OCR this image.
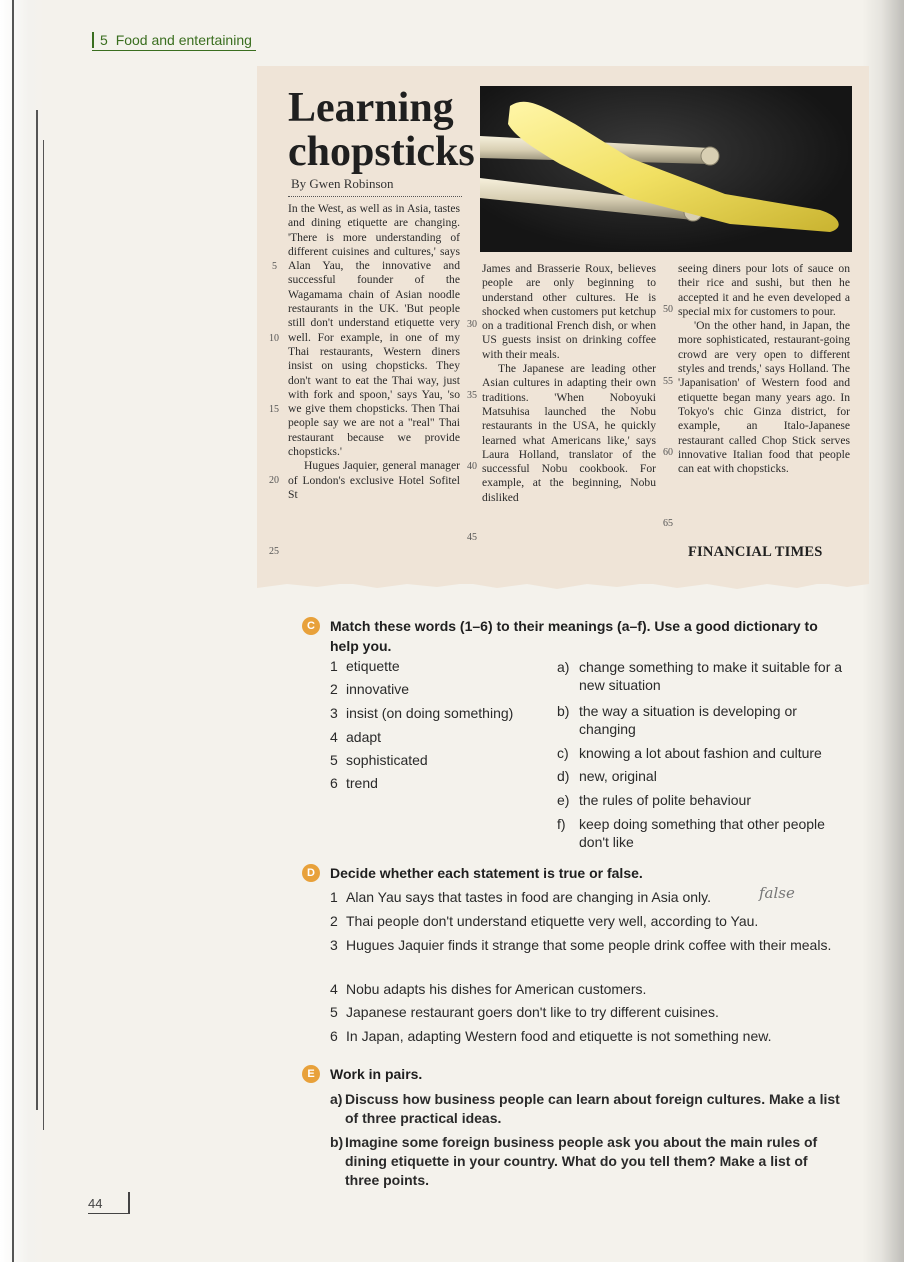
5 Food and entertaining
Learning
chopsticks
By Gwen Robinson

In the West, as well as in Asia, tastes and dining etiquette are changing. 'There is more understanding of different cuisines and cultures,' says Alan Yau, the innovative and successful founder of the Wagamama chain of Asian noodle restaurants in the UK. 'But people still don't understand etiquette very well. For example, in one of my Thai restaurants, Western diners insist on using chopsticks. They don't want to eat the Thai way, just with fork and spoon,' says Yau, 'so we give them chopsticks. Then Thai people say we are not a "real" Thai restaurant because we provide chopsticks.'

Hugues Jaquier, general manager of London's exclusive Hotel Sofitel St

James and Brasserie Roux, believes people are only beginning to understand other cultures. He is shocked when customers put ketchup on a traditional French dish, or when US guests insist on drinking coffee with their meals.

The Japanese are leading other Asian cultures in adapting their own traditions. 'When Noboyuki Matsuhisa launched the Nobu restaurants in the USA, he quickly learned what Americans like,' says Laura Holland, translator of the successful Nobu cookbook. For example, at the beginning, Nobu disliked

seeing diners pour lots of sauce on their rice and sushi, but then he accepted it and he even developed a special mix for customers to pour.

'On the other hand, in Japan, the more sophisticated, restaurant-going crowd are very open to different styles and trends,' says Holland. The 'Japanisation' of Western food and etiquette began many years ago. In Tokyo's chic Ginza district, for example, an Italo-Japanese restaurant called Chop Stick serves innovative Italian food that people can eat with chopsticks.

5
10
15
20
25
30
35
40
45
50
55
60
65
FINANCIAL TIMES
C	Match these words (1–6) to their meanings (a–f). Use a good dictionary to help you.
1 etiquette
2 innovative
3 insist (on doing something)
4 adapt
5 sophisticated
6 trend
a) change something to make it suitable for a new situation
b) the way a situation is developing or changing
c) knowing a lot about fashion and culture
d) new, original
e) the rules of polite behaviour
f) keep doing something that other people don't like
D	Decide whether each statement is true or false.
1 Alan Yau says that tastes in food are changing in Asia only.	false
2 Thai people don't understand etiquette very well, according to Yau.
3 Hugues Jaquier finds it strange that some people drink coffee with their meals.
4 Nobu adapts his dishes for American customers.
5 Japanese restaurant goers don't like to try different cuisines.
6 In Japan, adapting Western food and etiquette is not something new.
E	Work in pairs.
a) Discuss how business people can learn about foreign cultures. Make a list of three practical ideas.
b) Imagine some foreign business people ask you about the main rules of dining etiquette in your country. What do you tell them? Make a list of three points.
44
